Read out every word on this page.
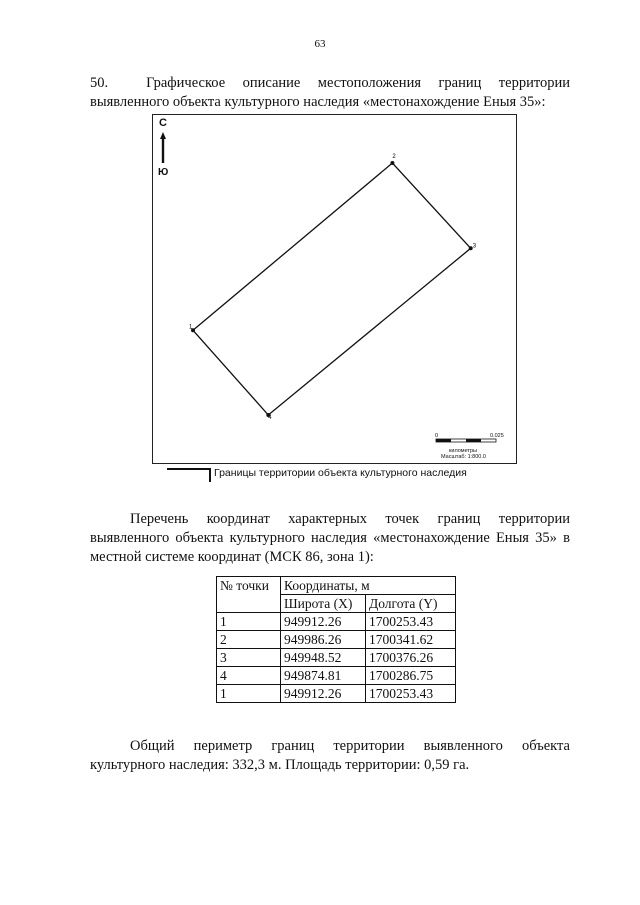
63
50.	Графическое описание местоположения границ территории
выявленного объекта культурного наследия «местонахождение Еныя 35»:
1
2
3
4
С
Ю
0	0.025
километры
Масштаб: 1:800.0
Границы территории объекта культурного наследия
Перечень координат характерных точек границ территории
выявленного объекта культурного наследия «местонахождение Еныя 35» в
местной системе координат (МСК 86, зона 1):
№ точки	Координаты, м	
	Широта (X)	Долгота (Y)
1	949912.26	1700253.43
2	949986.26	1700341.62
3	949948.52	1700376.26
4	949874.81	1700286.75
1	949912.26	1700253.43
Общий периметр границ территории выявленного объекта
культурного наследия: 332,3 м. Площадь территории: 0,59 га.
